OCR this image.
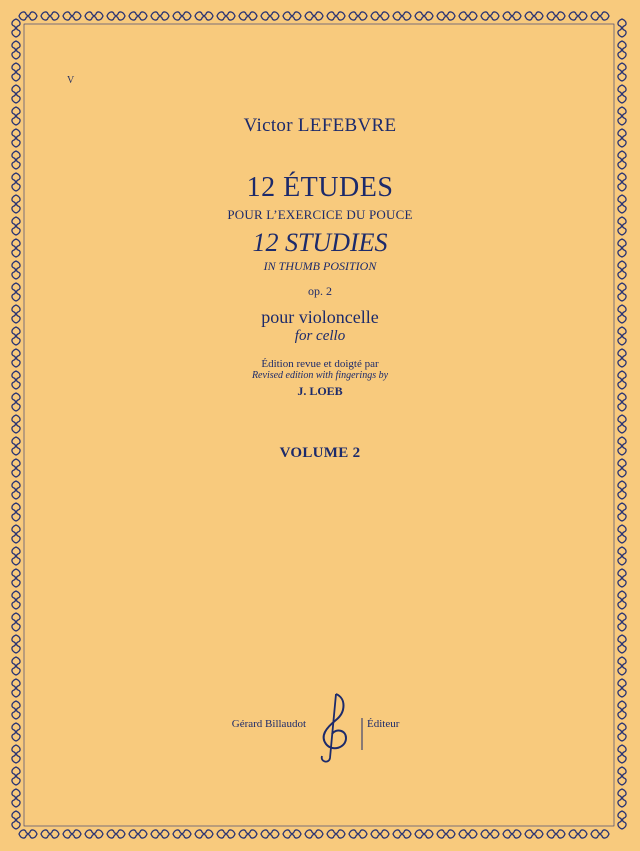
V

Victor LEFEBVRE

12 ÉTUDES

POUR L’EXERCICE DU POUCE

12 STUDIES

IN THUMB POSITION

op. 2

pour violoncelle

for cello

Édition revue et doigté par

Revised edition with fingerings by

J. LOEB

VOLUME 2

Gérard Billaudot	Éditeur
